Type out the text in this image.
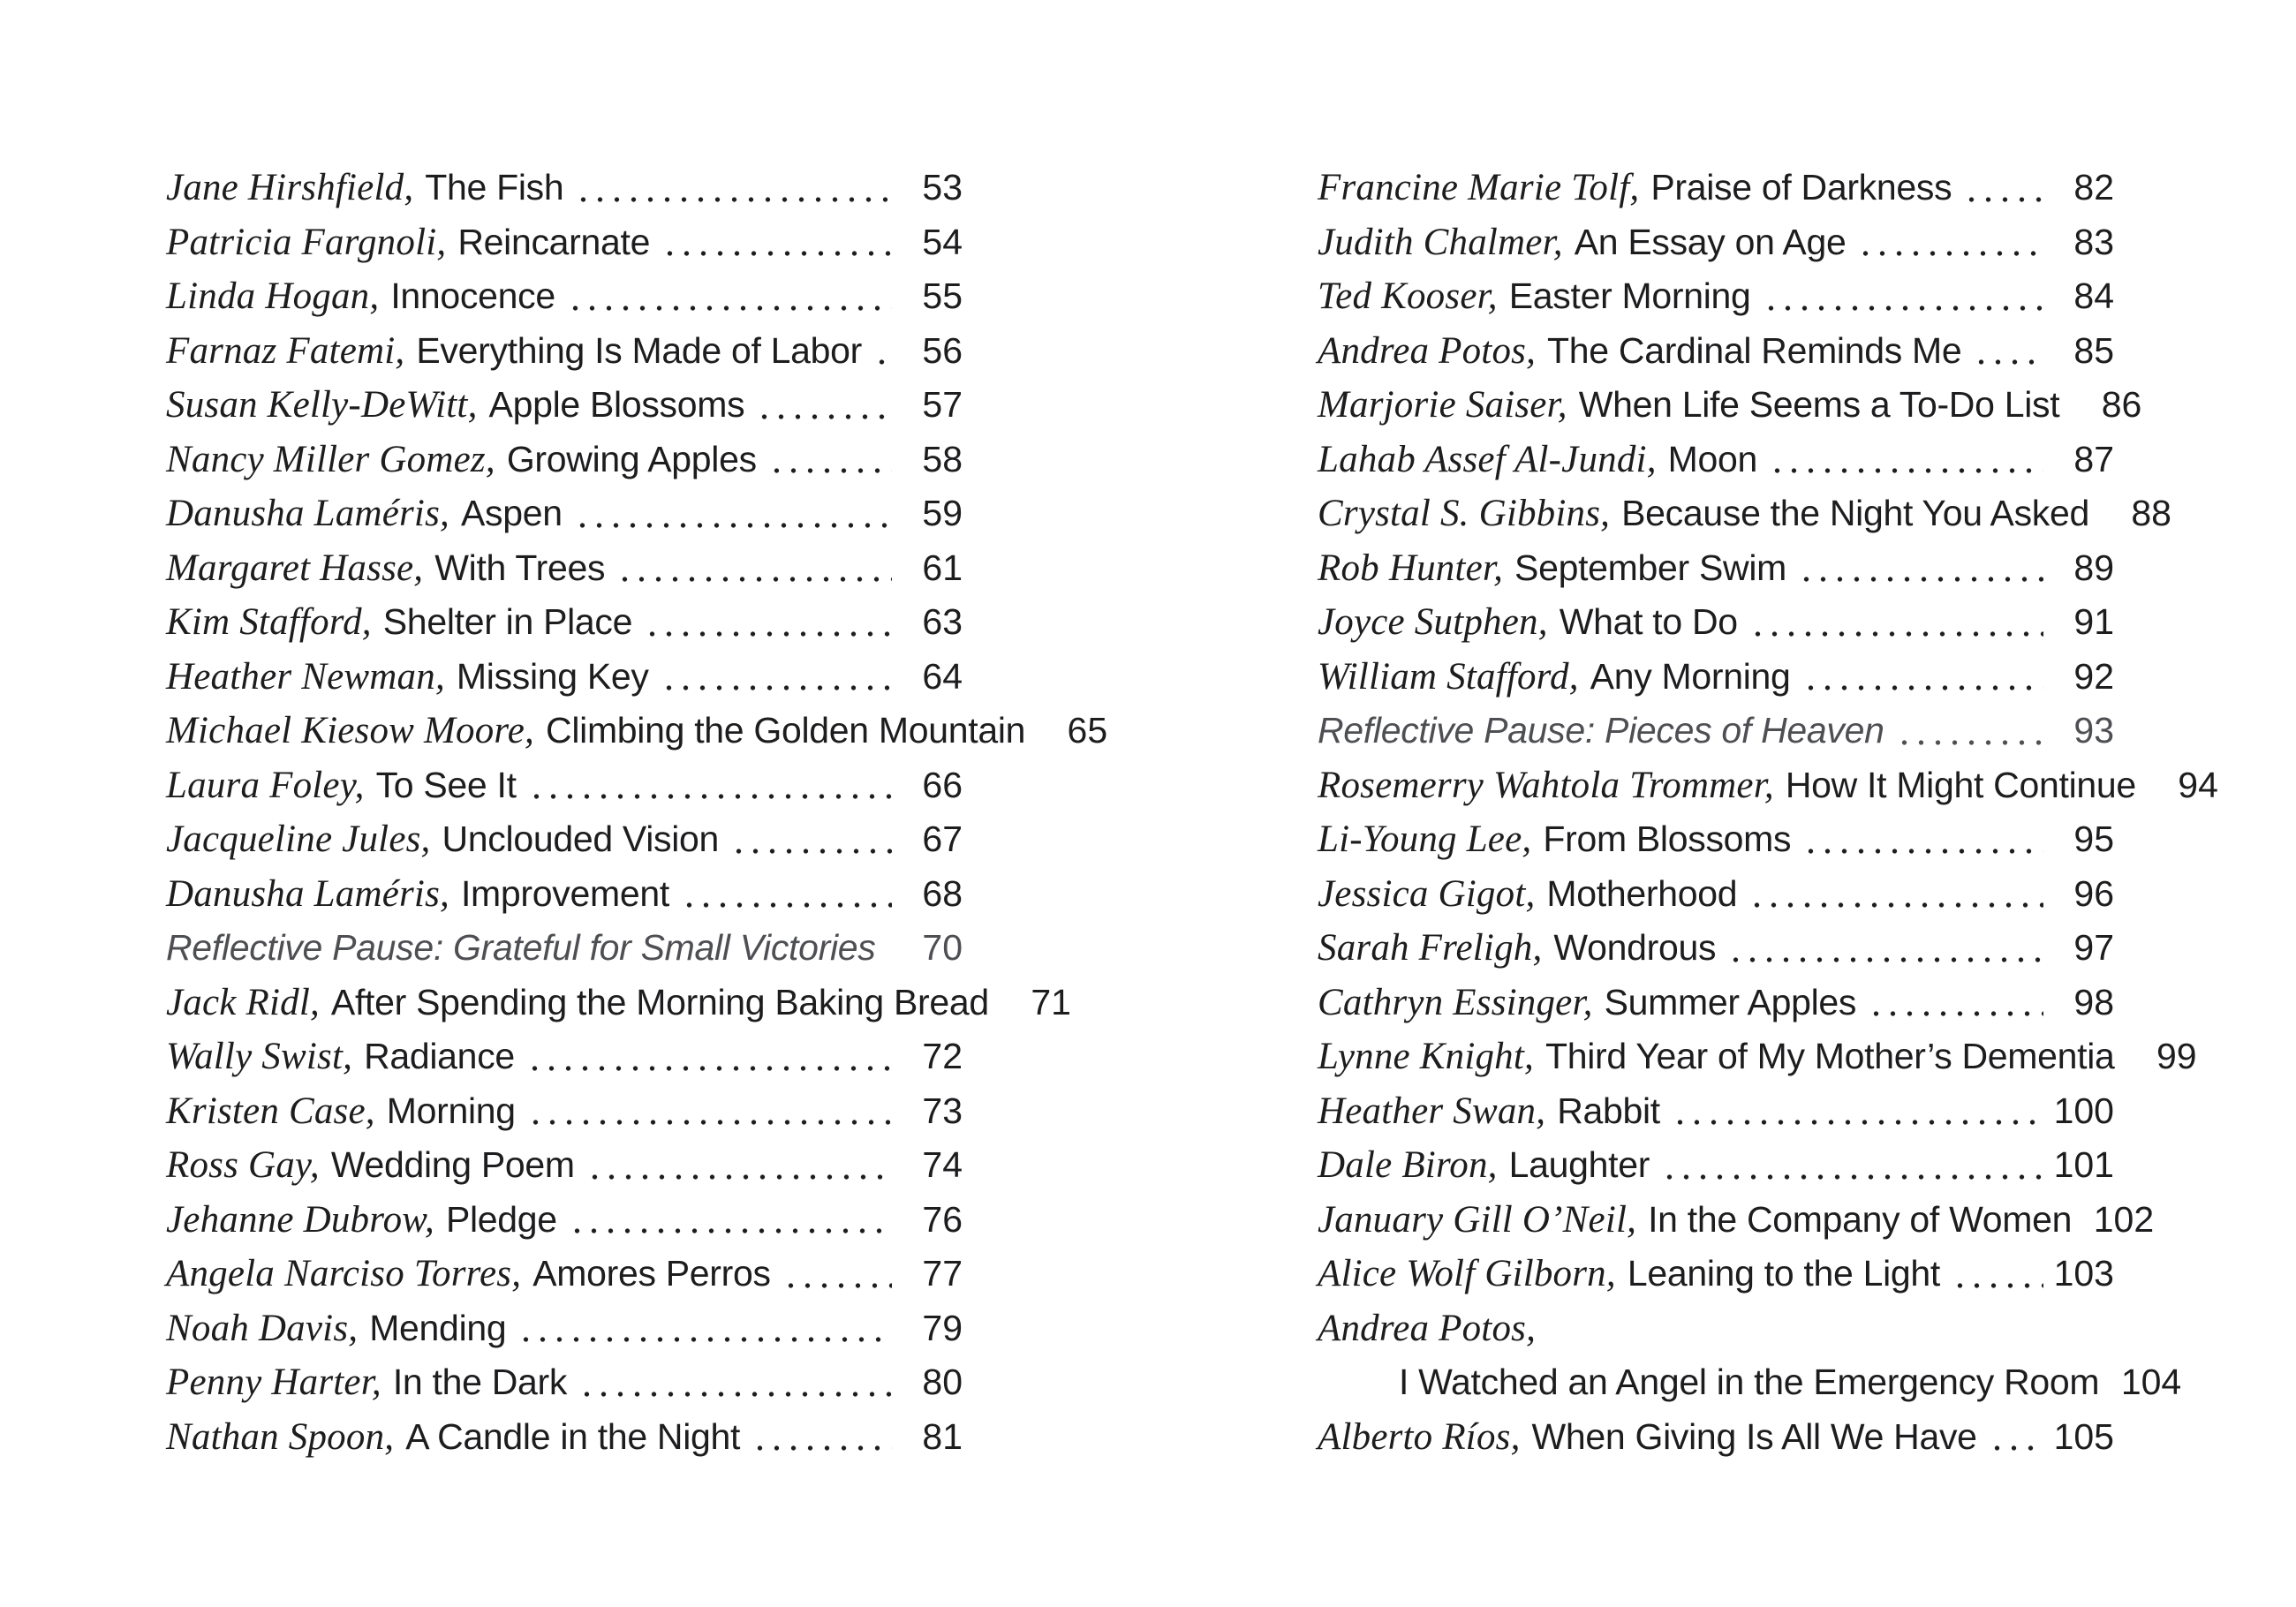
Jane Hirshfield, The Fish	53
Patricia Fargnoli, Reincarnate	54
Linda Hogan, Innocence	55
Farnaz Fatemi, Everything Is Made of Labor	56
Susan Kelly-DeWitt, Apple Blossoms	57
Nancy Miller Gomez, Growing Apples	58
Danusha Laméris, Aspen	59
Margaret Hasse, With Trees	61
Kim Stafford, Shelter in Place	63
Heather Newman, Missing Key	64
Michael Kiesow Moore, Climbing the Golden Mountain	65
Laura Foley, To See It	66
Jacqueline Jules, Unclouded Vision	67
Danusha Laméris, Improvement	68
Reflective Pause: Grateful for Small Victories	70
Jack Ridl, After Spending the Morning Baking Bread	71
Wally Swist, Radiance	72
Kristen Case, Morning	73
Ross Gay, Wedding Poem	74
Jehanne Dubrow, Pledge	76
Angela Narciso Torres, Amores Perros	77
Noah Davis, Mending	79
Penny Harter, In the Dark	80
Nathan Spoon, A Candle in the Night	81
Francine Marie Tolf, Praise of Darkness	82
Judith Chalmer, An Essay on Age	83
Ted Kooser, Easter Morning	84
Andrea Potos, The Cardinal Reminds Me	85
Marjorie Saiser, When Life Seems a To-Do List	86
Lahab Assef Al-Jundi, Moon	87
Crystal S. Gibbins, Because the Night You Asked	88
Rob Hunter, September Swim	89
Joyce Sutphen, What to Do	91
William Stafford, Any Morning	92
Reflective Pause: Pieces of Heaven	93
Rosemerry Wahtola Trommer, How It Might Continue	94
Li-Young Lee, From Blossoms	95
Jessica Gigot, Motherhood	96
Sarah Freligh, Wondrous	97
Cathryn Essinger, Summer Apples	98
Lynne Knight, Third Year of My Mother’s Dementia	99
Heather Swan, Rabbit	100
Dale Biron, Laughter	101
January Gill O’Neil, In the Company of Women 102
Alice Wolf Gilborn, Leaning to the Light	103
Andrea Potos,
I Watched an Angel in the Emergency Room 104
Alberto Ríos, When Giving Is All We Have 105
